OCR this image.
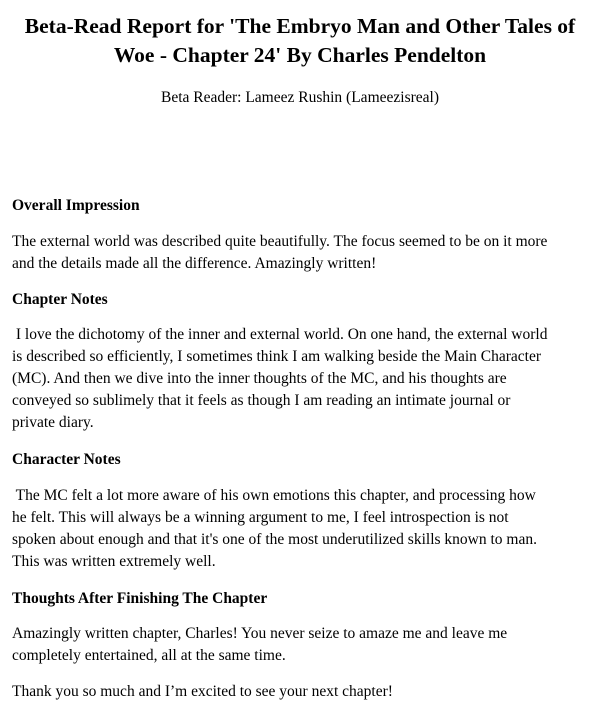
Beta-Read Report for 'The Embryo Man and Other Tales of
Woe - Chapter 24' By Charles Pendelton

Beta Reader: Lameez Rushin (Lameezisreal)

Overall Impression

The external world was described quite beautifully. The focus seemed to be on it more
and the details made all the difference. Amazingly written!

Chapter Notes

I love the dichotomy of the inner and external world. On one hand, the external world
is described so efficiently, I sometimes think I am walking beside the Main Character
(MC). And then we dive into the inner thoughts of the MC, and his thoughts are
conveyed so sublimely that it feels as though I am reading an intimate journal or
private diary.

Character Notes

The MC felt a lot more aware of his own emotions this chapter, and processing how
he felt. This will always be a winning argument to me, I feel introspection is not
spoken about enough and that it's one of the most underutilized skills known to man.
This was written extremely well.

Thoughts After Finishing The Chapter

Amazingly written chapter, Charles! You never seize to amaze me and leave me
completely entertained, all at the same time.

Thank you so much and I’m excited to see your next chapter!
